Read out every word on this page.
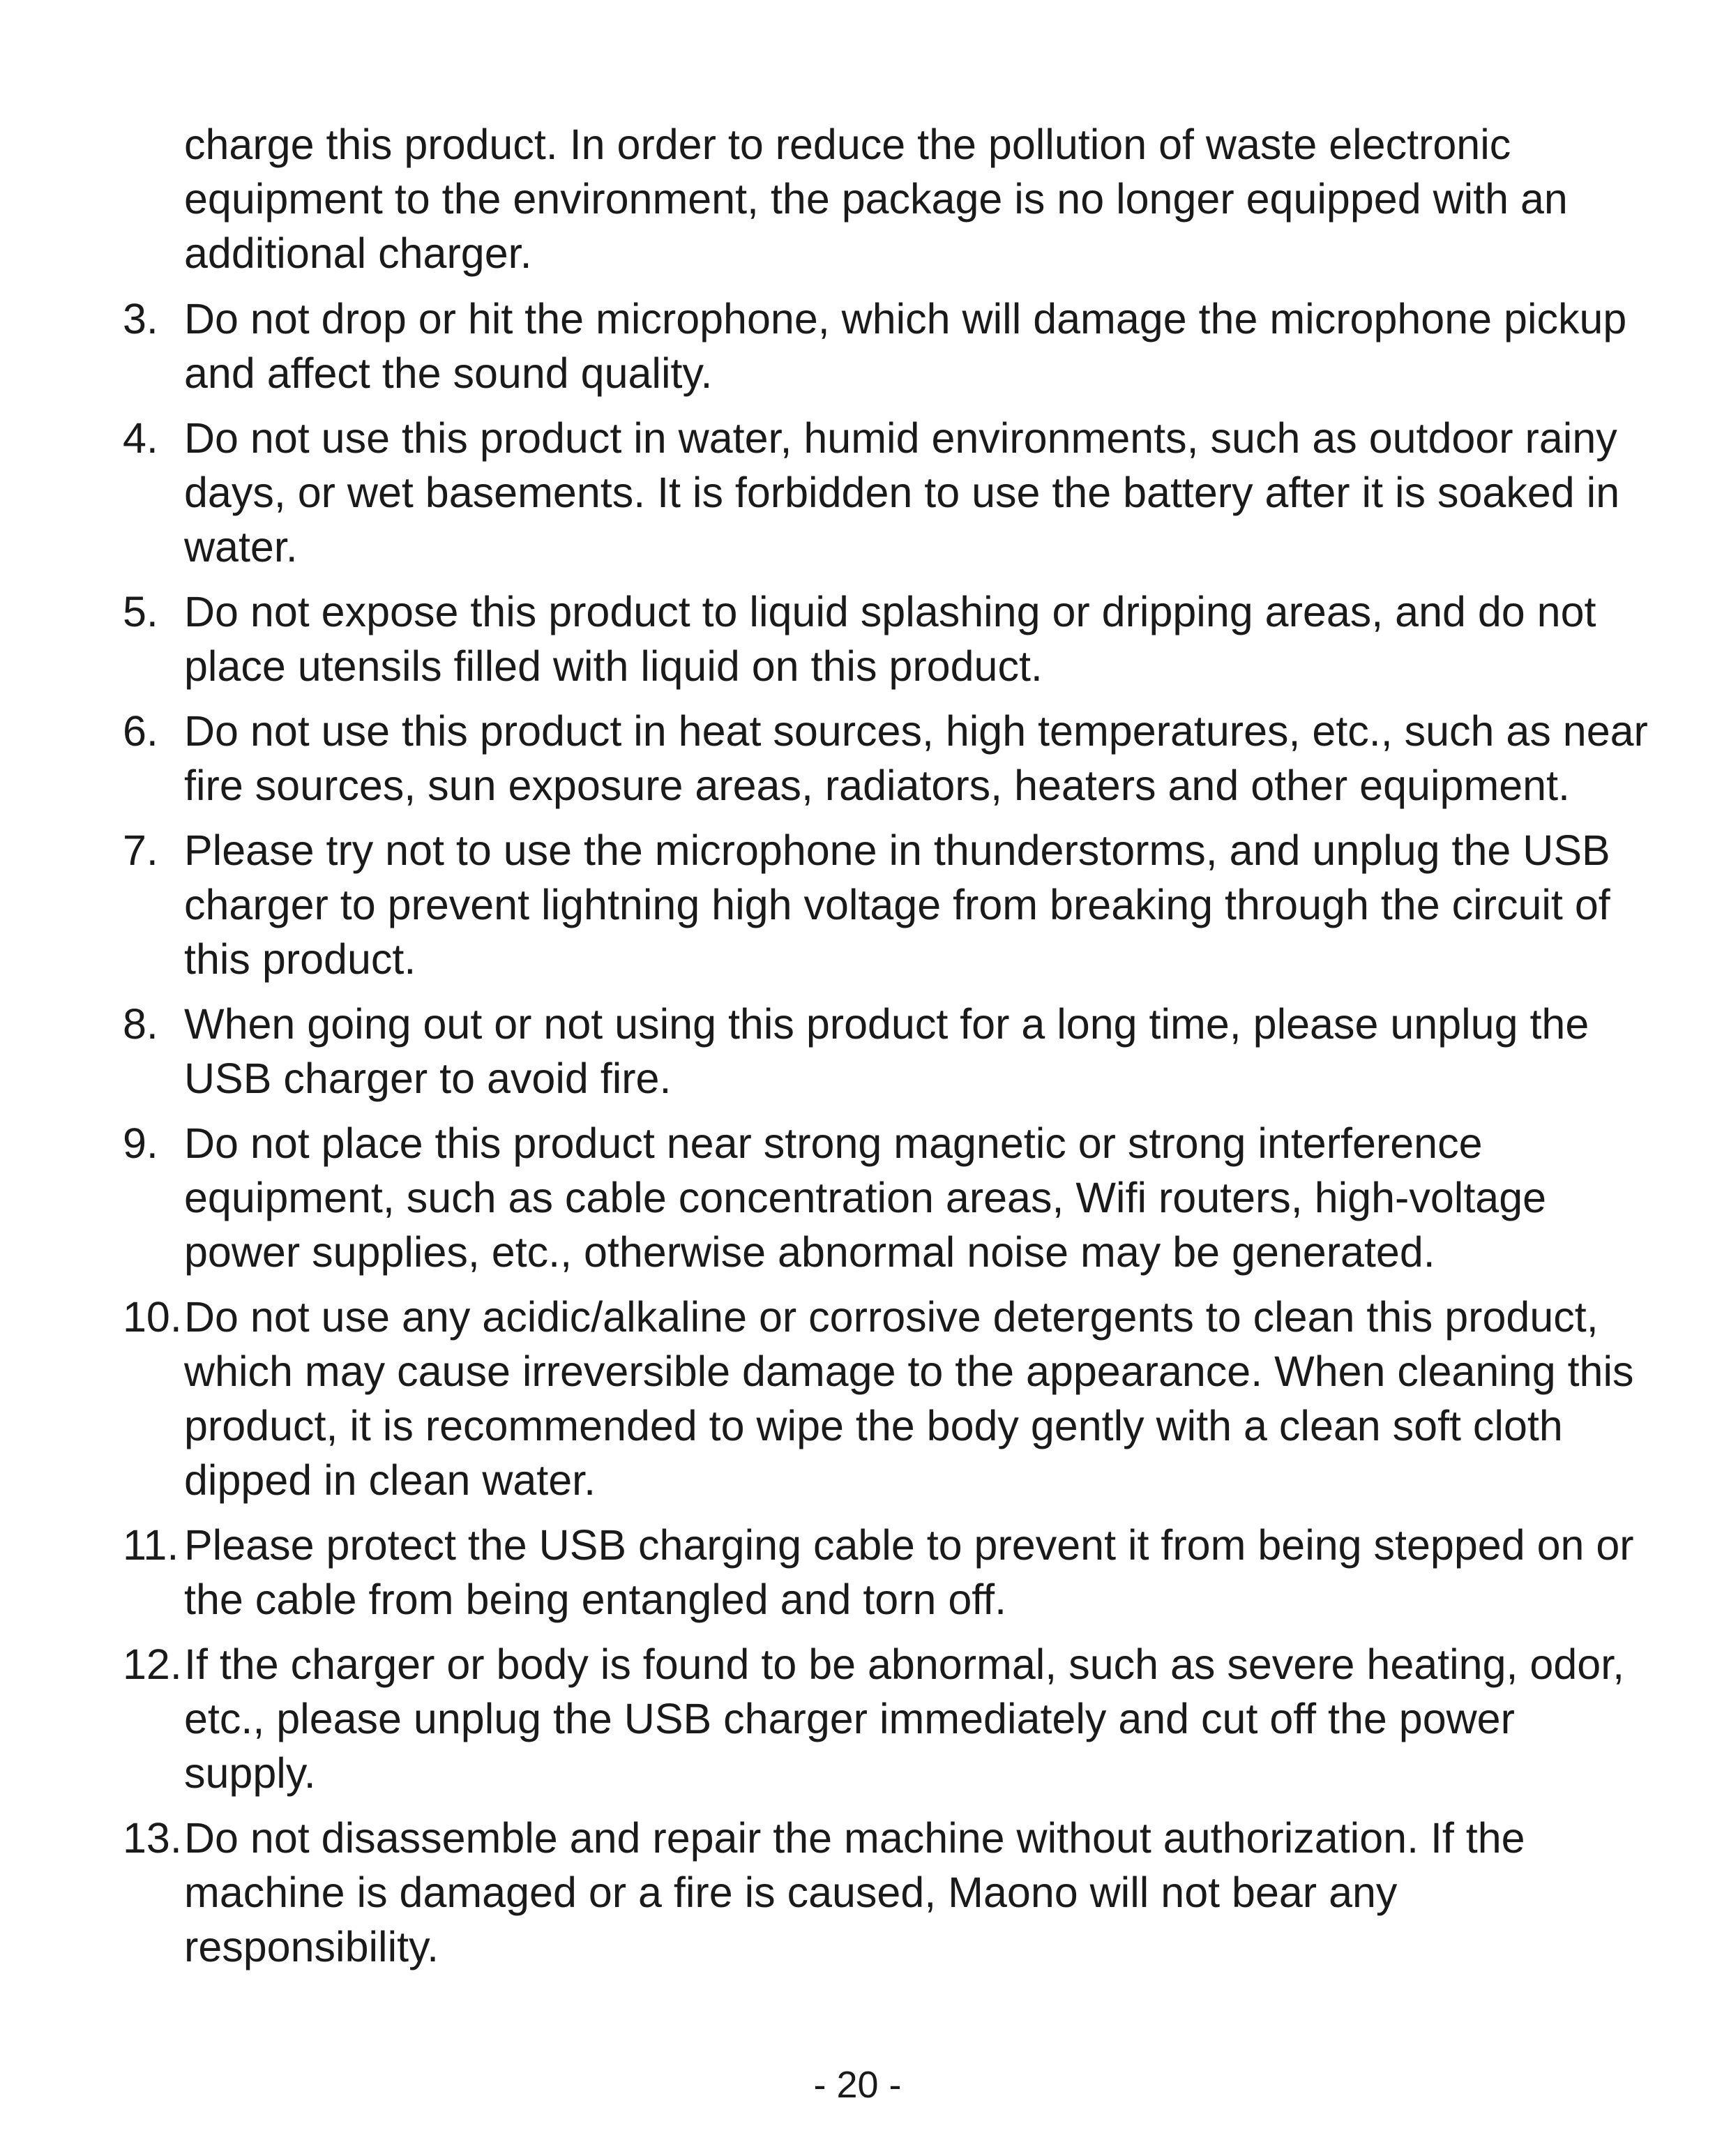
charge this product. In order to reduce the pollution of waste electronic equipment to the environment, the package is no longer equipped with an additional charger.

3. Do not drop or hit the microphone, which will damage the microphone pickup and affect the sound quality.
4. Do not use this product in water, humid environments, such as outdoor rainy days, or wet basements. It is forbidden to use the battery after it is soaked in water.
5. Do not expose this product to liquid splashing or dripping areas, and do not place utensils filled with liquid on this product.
6. Do not use this product in heat sources, high temperatures, etc., such as near fire sources, sun exposure areas, radiators, heaters and other equipment.
7. Please try not to use the microphone in thunderstorms, and unplug the USB charger to prevent lightning high voltage from breaking through the circuit of this product.
8. When going out or not using this product for a long time, please unplug the USB charger to avoid fire.
9. Do not place this product near strong magnetic or strong interference equipment, such as cable concentration areas, Wifi routers, high-voltage power supplies, etc., otherwise abnormal noise may be generated.
10. Do not use any acidic/alkaline or corrosive detergents to clean this product, which may cause irreversible damage to the appearance. When cleaning this product, it is recommended to wipe the body gently with a clean soft cloth dipped in clean water.
11. Please protect the USB charging cable to prevent it from being stepped on or the cable from being entangled and torn off.
12. If the charger or body is found to be abnormal, such as severe heating, odor, etc., please unplug the USB charger immediately and cut off the power supply.
13. Do not disassemble and repair the machine without authorization. If the machine is damaged or a fire is caused, Maono will not bear any responsibility.
- 20 -
